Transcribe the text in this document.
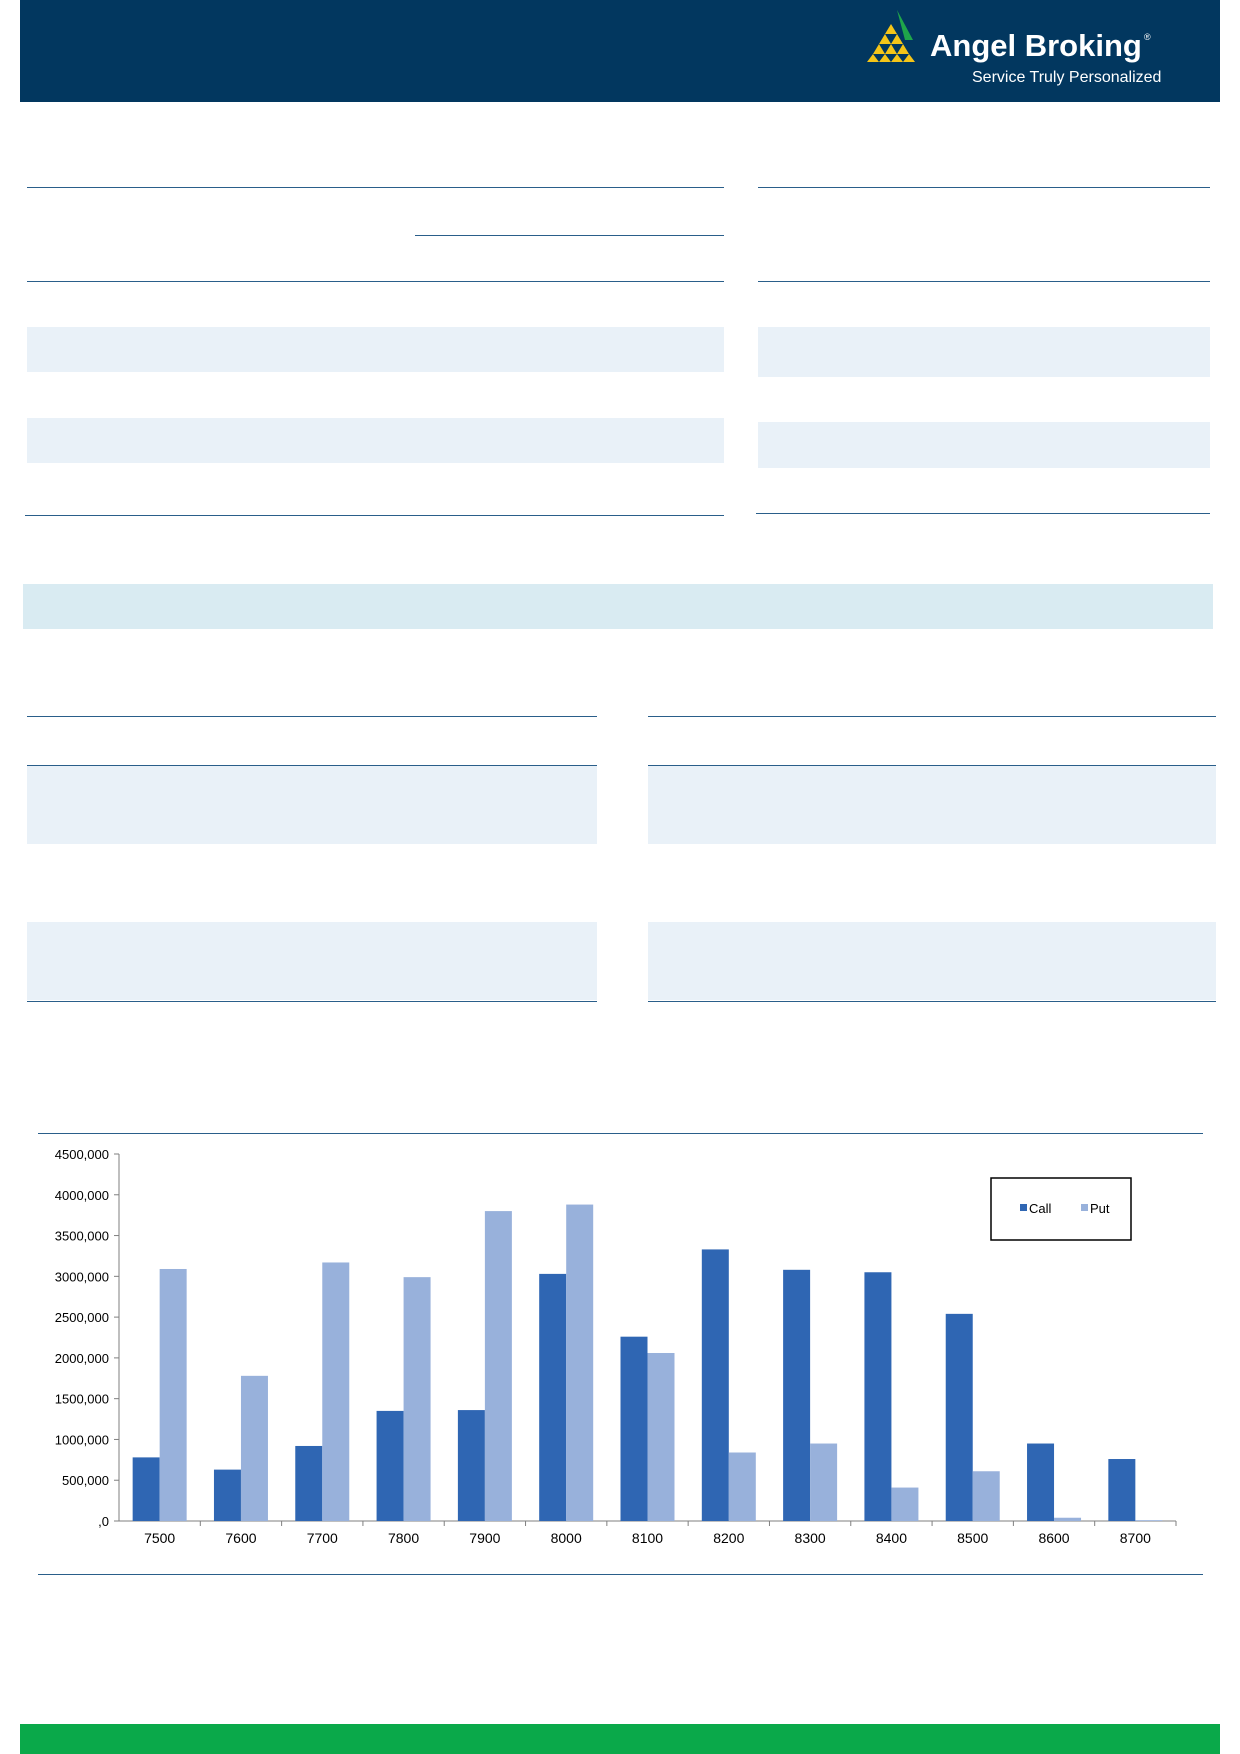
Angel Broking ®
Service Truly Personalized
,0
500,000
1000,000
1500,000
2000,000
2500,000
3000,000
3500,000
4000,000
4500,000
7500	7600	7700	7800	7900	8000	8100	8200	8300	8400	8500	8600	8700
Call	Put
